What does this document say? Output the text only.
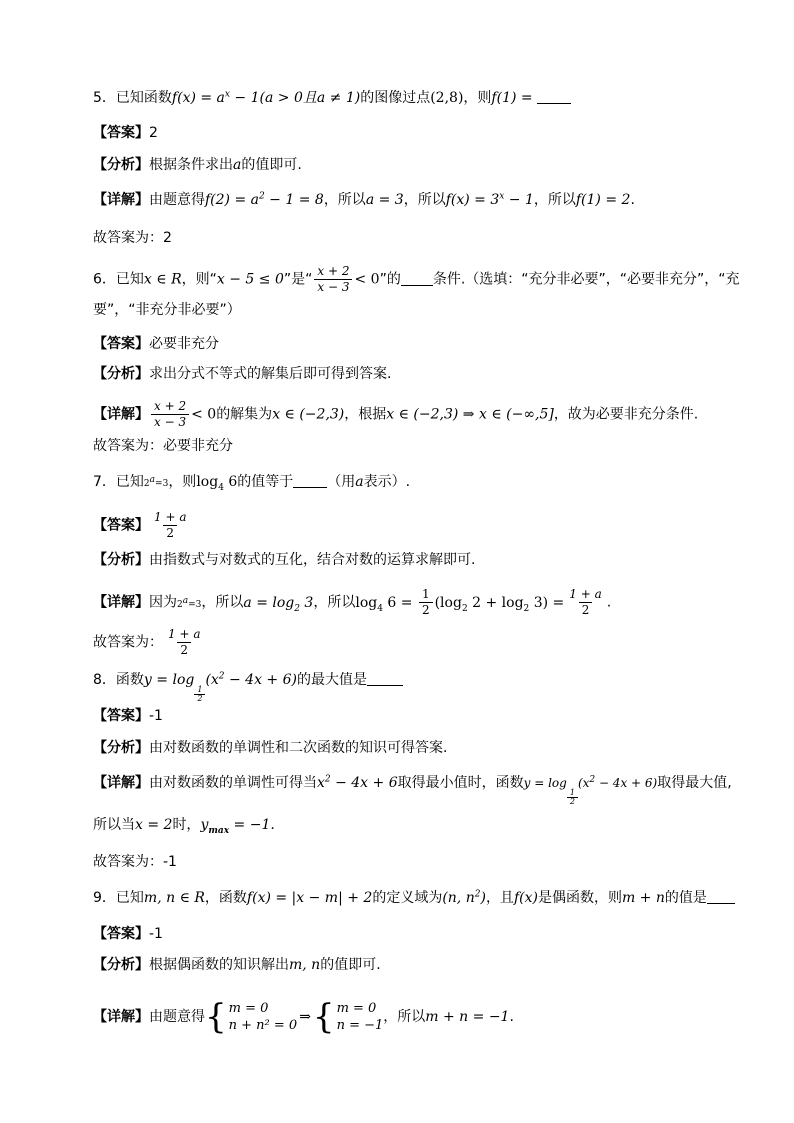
5．已知函数$f(x) = a^x - 1(a > 0$且a ≠ 1)的图像过点(2,8)，则f(1) =
【答案】2
【分析】根据条件求出a的值即可.
【详解】由题意得$f(2) = a^2 - 1 = 8$，所以a = 3，所以$f(x) = 3^x - 1$，所以f(1) = 2.
故答案为：2
6．已知x ∈ R，则“x − 5 ≤ 0”是“ $\frac{x + 2}{x - 3} < 0$”的 条件.（选填：“充分非必要”，“必要非充分”，“充
要”，“非充分非必要”）
【答案】必要非充分
【分析】求出分式不等式的解集后即可得到答案.
【详解】 $\frac{x + 2}{x - 3} < 0$的解集为x ∈ (−2,3)，根据x ∈ (−2,3) ⇒ x ∈ (−∞,5]，故为必要非充分条件.
故答案为：必要非充分
7．已知$2^a=3$，则$\log_4 6$的值等于 （用a表示）.
【答案】 $\frac{1 + a}{2}$
【分析】由指数式与对数式的互化，结合对数的运算求解即可.
【详解】因为$2^a=3$，所以$a = \log_2 3$，所以$\log_4 6 = \frac{1}{2} (\log_2$ $2 + \log_2 3) = \frac{1 + a}{2}$ .
故答案为： $\frac{1 + a}{2}$
8．函数y = log
$\frac{1}{2}$
$(x^2 - 4x + 6)$的最大值是
【答案】-1
【分析】由对数函数的单调性和二次函数的知识可得答案.
【详解】由对数函数的单调性可得当$x^2 - 4x + 6$取得最小值时，函数y = log
$\frac{1}{2}$
$(x^2 - 4x + 6)$取得最大值,
所以当x = 2时，$y_{max} = -1$.
故答案为：-1
9．已知m, n ∈ R，函数f(x) = |x − m| + 2的定义域为(n, $n^2$)，且f(x)是偶函数，则m + n的值是
【答案】-1
【分析】根据偶函数的知识解出m, n的值即可.
【详解】由题意得 { m = 0
n + n² = 0
⇒ { m = 0
n = −1
，所以m + n = −1.
